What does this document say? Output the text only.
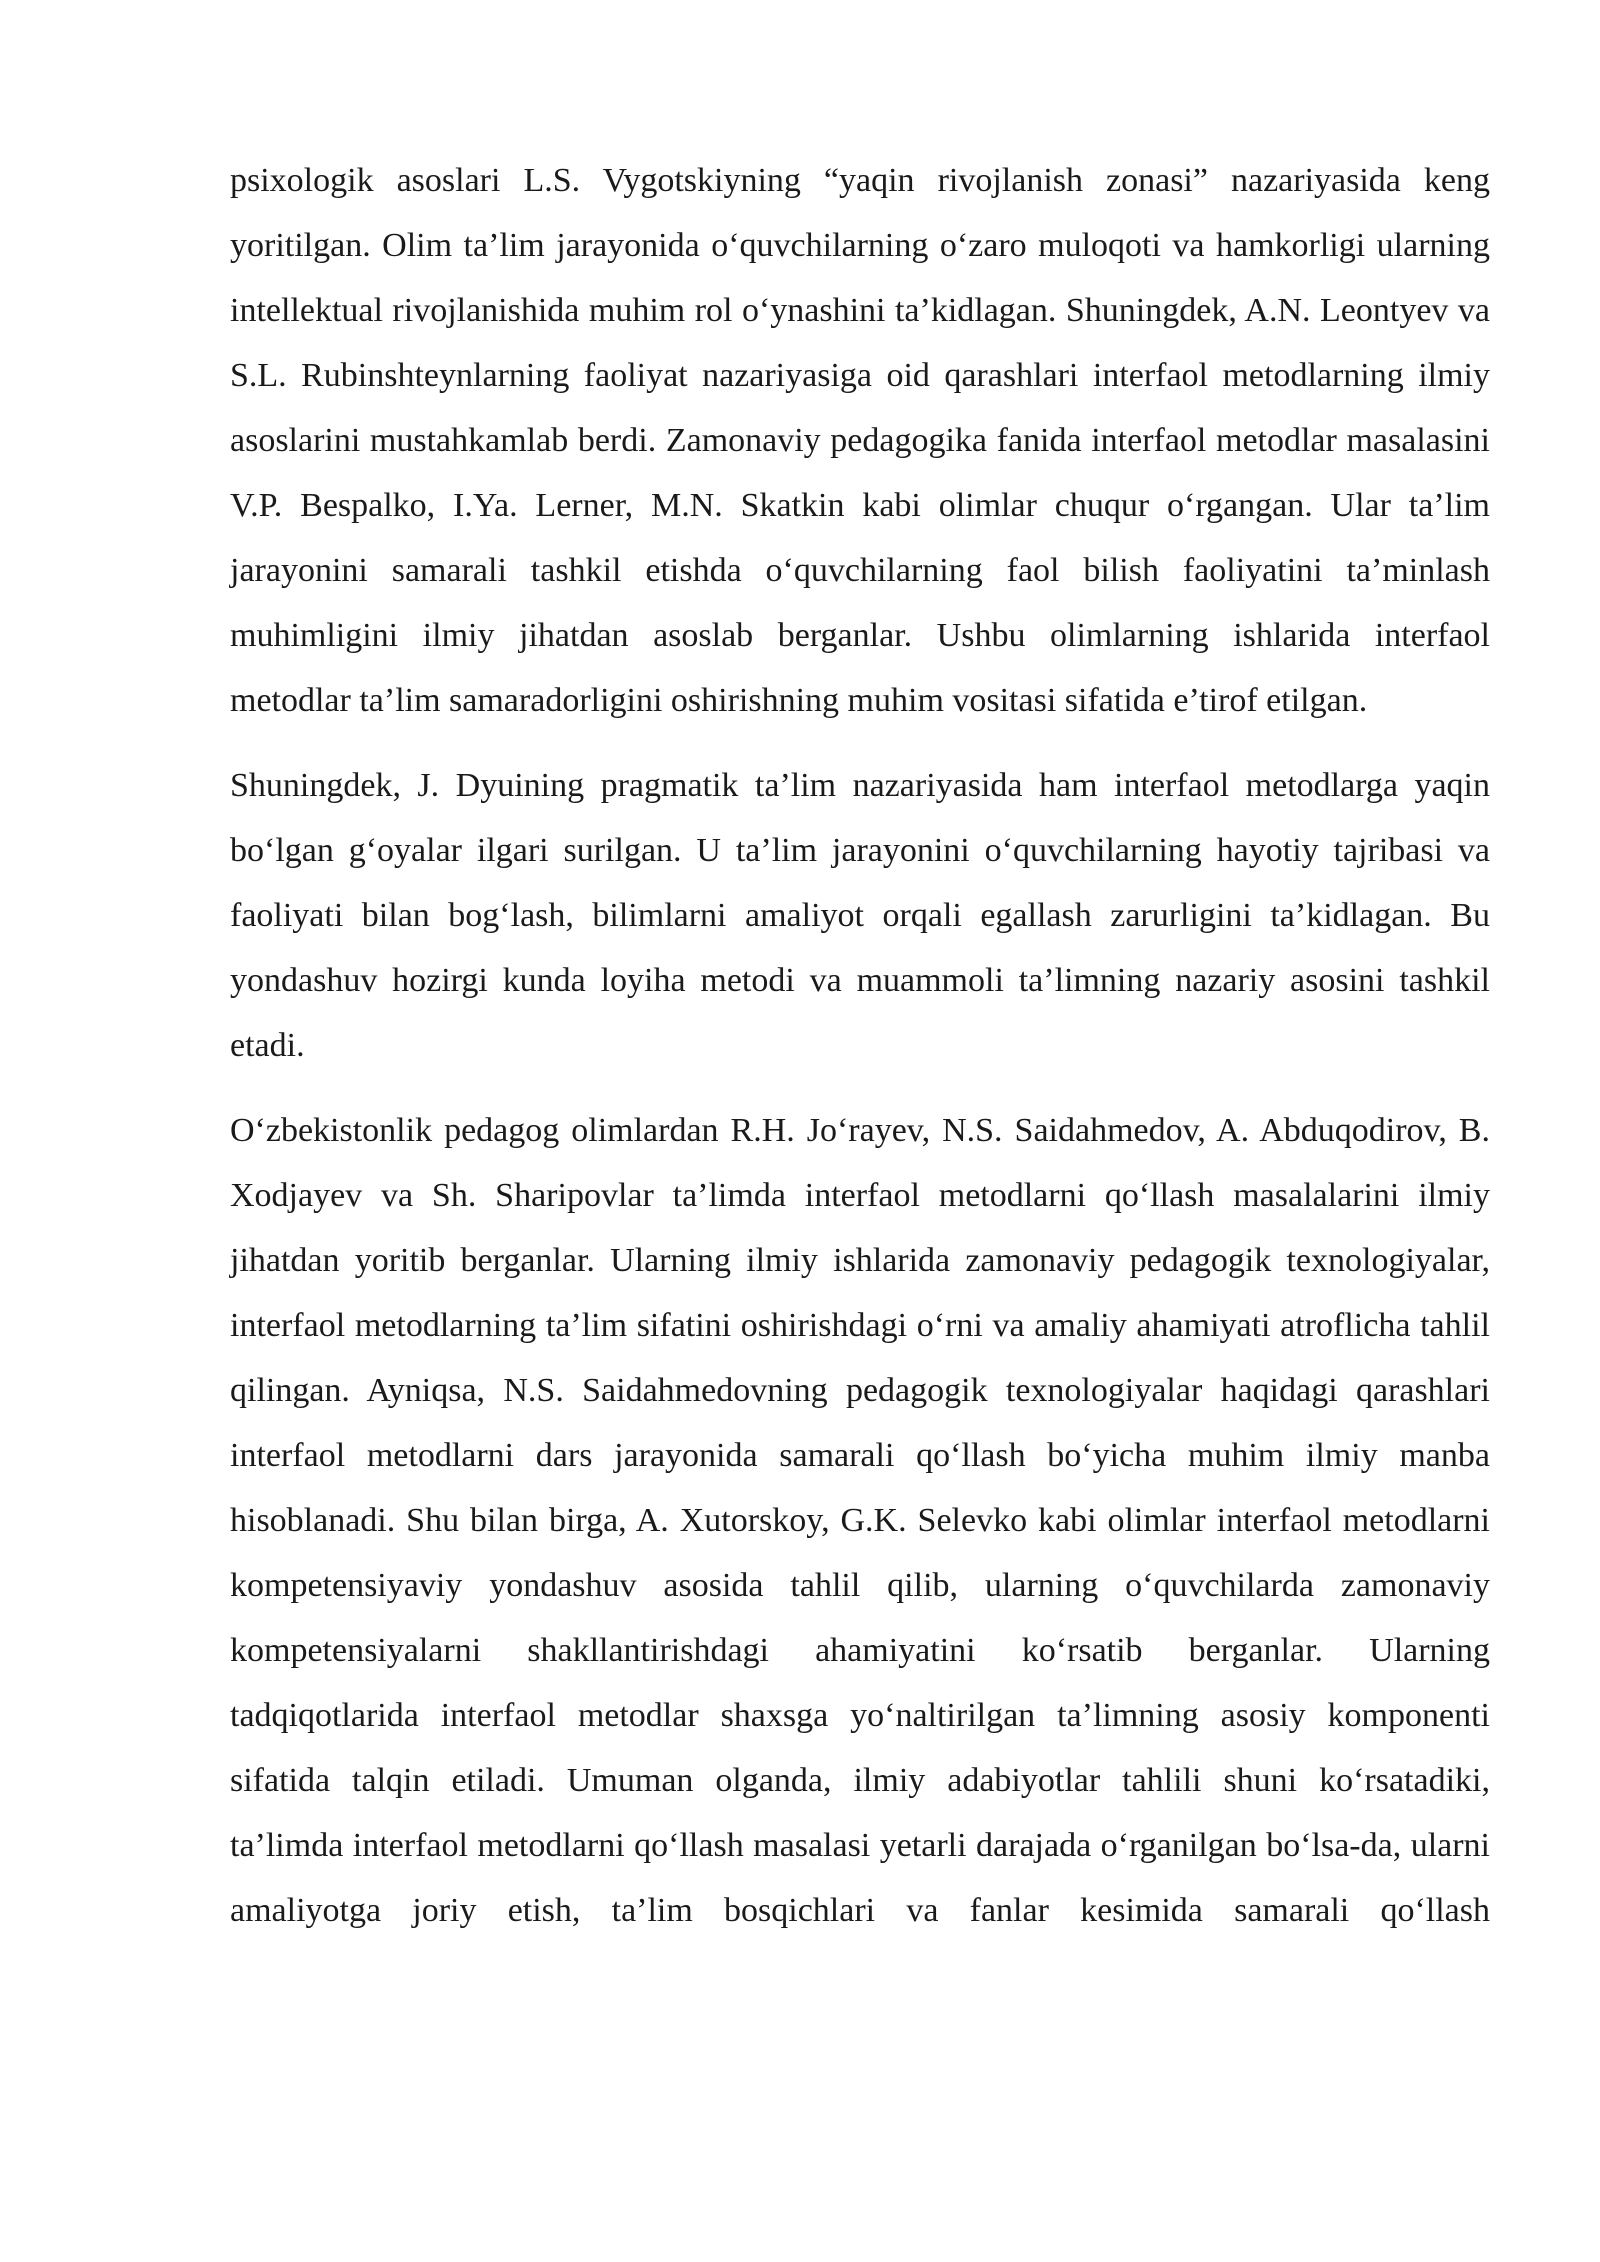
psixologik asoslari L.S. Vygotskiyning “yaqin rivojlanish zonasi” nazariyasida keng yoritilgan. Olim ta’lim jarayonida o‘quvchilarning o‘zaro muloqoti va hamkorligi ularning intellektual rivojlanishida muhim rol o‘ynashini ta’kidlagan. Shuningdek, A.N. Leontyev va S.L. Rubinshteynlarning faoliyat nazariyasiga oid qarashlari interfaol metodlarning ilmiy asoslarini mustahkamlab berdi. Zamonaviy pedagogika fanida interfaol metodlar masalasini V.P. Bespalko, I.Ya. Lerner, M.N. Skatkin kabi olimlar chuqur o‘rgangan. Ular ta’lim jarayonini samarali tashkil etishda o‘quvchilarning faol bilish faoliyatini ta’minlash muhimligini ilmiy jihatdan asoslab berganlar. Ushbu olimlarning ishlarida interfaol metodlar ta’lim samaradorligini oshirishning muhim vositasi sifatida e’tirof etilgan.

Shuningdek, J. Dyuining pragmatik ta’lim nazariyasida ham interfaol metodlarga yaqin bo‘lgan g‘oyalar ilgari surilgan. U ta’lim jarayonini o‘quvchilarning hayotiy tajribasi va faoliyati bilan bog‘lash, bilimlarni amaliyot orqali egallash zarurligini ta’kidlagan. Bu yondashuv hozirgi kunda loyiha metodi va muammoli ta’limning nazariy asosini tashkil etadi.

O‘zbekistonlik pedagog olimlardan R.H. Jo‘rayev, N.S. Saidahmedov, A. Abduqodirov, B. Xodjayev va Sh. Sharipovlar ta’limda interfaol metodlarni qo‘llash masalalarini ilmiy jihatdan yoritib berganlar. Ularning ilmiy ishlarida zamonaviy pedagogik texnologiyalar, interfaol metodlarning ta’lim sifatini oshirishdagi o‘rni va amaliy ahamiyati atroflicha tahlil qilingan. Ayniqsa, N.S. Saidahmedovning pedagogik texnologiyalar haqidagi qarashlari interfaol metodlarni dars jarayonida samarali qo‘llash bo‘yicha muhim ilmiy manba hisoblanadi. Shu bilan birga, A. Xutorskoy, G.K. Selevko kabi olimlar interfaol metodlarni kompetensiyaviy yondashuv asosida tahlil qilib, ularning o‘quvchilarda zamonaviy kompetensiyalarni shakllantirishdagi ahamiyatini ko‘rsatib berganlar. Ularning tadqiqotlarida interfaol metodlar shaxsga yo‘naltirilgan ta’limning asosiy komponenti sifatida talqin etiladi. Umuman olganda, ilmiy adabiyotlar tahlili shuni ko‘rsatadiki, ta’limda interfaol metodlarni qo‘llash masalasi yetarli darajada o‘rganilgan bo‘lsa-da, ularni amaliyotga joriy etish, ta’lim bosqichlari va fanlar kesimida samarali qo‘llash
